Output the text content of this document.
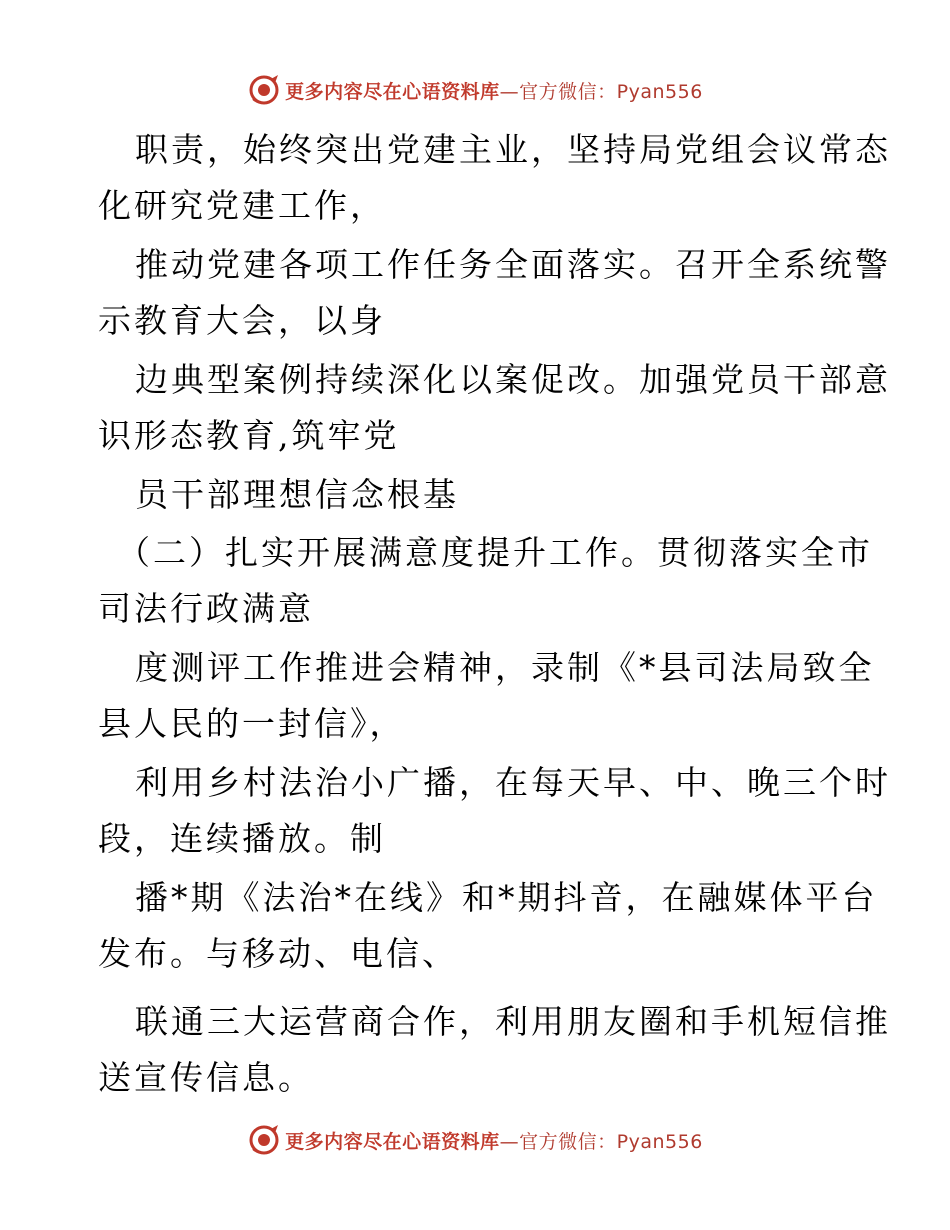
更多内容尽在心语资料库—官方微信：Pyan556
职责，始终突出党建主业，坚持局党组会议常态
化研究党建工作，
推动党建各项工作任务全面落实。召开全系统警
示教育大会，以身
边典型案例持续深化以案促改。加强党员干部意
识形态教育,筑牢党
员干部理想信念根基
（二）扎实开展满意度提升工作。贯彻落实全市
司法行政满意
度测评工作推进会精神，录制《*县司法局致全
县人民的一封信》，
利用乡村法治小广播，在每天早、中、晚三个时
段，连续播放。制
播*期《法治*在线》和*期抖音，在融媒体平台
发布。与移动、电信、
联通三大运营商合作，利用朋友圈和手机短信推
送宣传信息。
更多内容尽在心语资料库—官方微信：Pyan556
